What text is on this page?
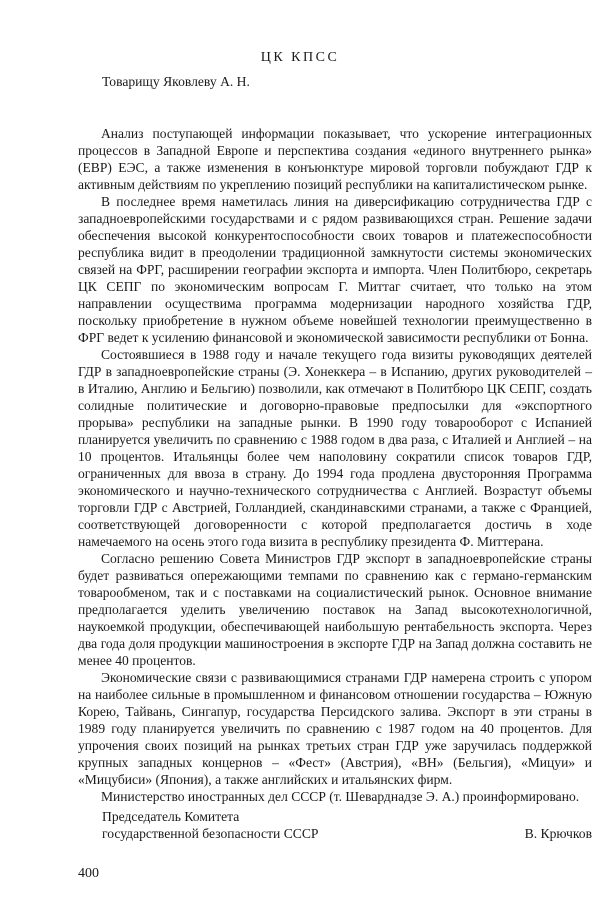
ЦК КПСС
Товарищу Яковлеву А. Н.

Анализ поступающей информации показывает, что ускорение интеграционных процессов в Западной Европе и перспектива создания «единого внутреннего рынка» (ЕВР) ЕЭС, а также изменения в конъюнктуре мировой торговли побуждают ГДР к активным действиям по укреплению позиций республики на капиталистическом рынке.

В последнее время наметилась линия на диверсификацию сотрудничества ГДР с западноевропейскими государствами и с рядом развивающихся стран. Решение задачи обеспечения высокой конкурентоспособности своих товаров и платежеспособности республика видит в преодолении традиционной замкнутости системы экономических связей на ФРГ, расширении географии экспорта и импорта. Член Политбюро, секретарь ЦК СЕПГ по экономическим вопросам Г. Миттаг считает, что только на этом направлении осуществима программа модернизации народного хозяйства ГДР, поскольку приобретение в нужном объеме новейшей технологии преимущественно в ФРГ ведет к усилению финансовой и экономической зависимости республики от Бонна.

Состоявшиеся в 1988 году и начале текущего года визиты руководящих деятелей ГДР в западноевропейские страны (Э. Хонеккера – в Испанию, других руководителей – в Италию, Англию и Бельгию) позволили, как отмечают в Политбюро ЦК СЕПГ, создать солидные политические и договорно-правовые предпосылки для «экспортного прорыва» республики на западные рынки. В 1990 году товарооборот с Испанией планируется увеличить по сравнению с 1988 годом в два раза, с Италией и Англией – на 10 процентов. Итальянцы более чем наполовину сократили список товаров ГДР, ограниченных для ввоза в страну. До 1994 года продлена двусторонняя Программа экономического и научно-технического сотрудничества с Англией. Возрастут объемы торговли ГДР с Австрией, Голландией, скандинавскими странами, а также с Францией, соответствующей договоренности с которой предполагается достичь в ходе намечаемого на осень этого года визита в республику президента Ф. Миттерана.

Согласно решению Совета Министров ГДР экспорт в западноевропейские страны будет развиваться опережающими темпами по сравнению как с германо-германским товарообменом, так и с поставками на социалистический рынок. Основное внимание предполагается уделить увеличению поставок на Запад высокотехнологичной, наукоемкой продукции, обеспечивающей наибольшую рентабельность экспорта. Через два года доля продукции машиностроения в экспорте ГДР на Запад должна составить не менее 40 процентов.

Экономические связи с развивающимися странами ГДР намерена строить с упором на наиболее сильные в промышленном и финансовом отношении государства – Южную Корею, Тайвань, Сингапур, государства Персидского залива. Экспорт в эти страны в 1989 году планируется увеличить по сравнению с 1987 годом на 40 процентов. Для упрочения своих позиций на рынках третьих стран ГДР уже заручилась поддержкой крупных западных концернов – «Фест» (Австрия), «ВН» (Бельгия), «Мицуи» и «Мицубиси» (Япония), а также английских и итальянских фирм.

Министерство иностранных дел СССР (т. Шеварднадзе Э. А.) проинформировано.

Председатель Комитета
государственной безопасности СССР	В. Крючков
400
